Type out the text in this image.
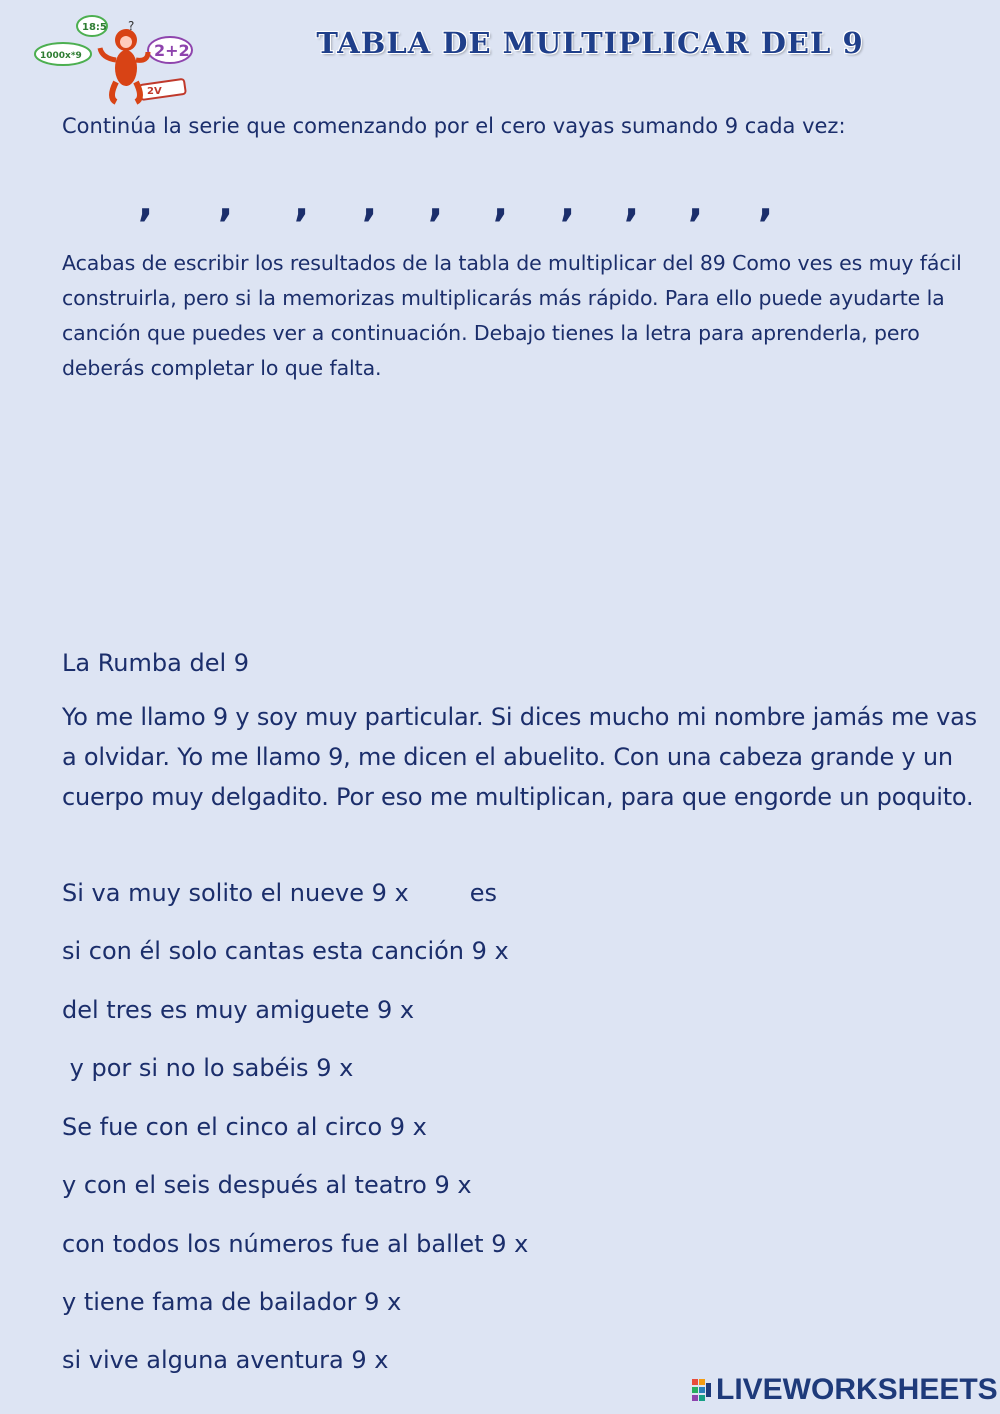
18:5
1000x*9	2+2
2V
?	TABLA DE MULTIPLICAR DEL 9
Continúa la serie que comenzando por el cero vayas sumando 9 cada vez:
, , , , , , , , , ,
Acabas de escribir los resultados de la tabla de multiplicar del 89 Como ves es muy fácil construirla, pero si la memorizas multiplicarás más rápido. Para ello puede ayudarte la canción que puedes ver a continuación. Debajo tienes la letra para aprenderla, pero deberás completar lo que falta.
La Rumba del 9
Yo me llamo 9 y soy muy particular. Si dices mucho mi nombre jamás me vas a olvidar. Yo me llamo 9, me dicen el abuelito. Con una cabeza grande y un cuerpo muy delgadito. Por eso me multiplican, para que engorde un poquito.
Si va muy solito el nueve 9 x        es
si con él solo cantas esta canción 9 x
del tres es muy amiguete 9 x
y por si no lo sabéis 9 x
Se fue con el cinco al circo 9 x
y con el seis después al teatro 9 x
con todos los números fue al ballet 9 x
y tiene fama de bailador 9 x
si vive alguna aventura 9 x
LIVEWORKSHEETS
